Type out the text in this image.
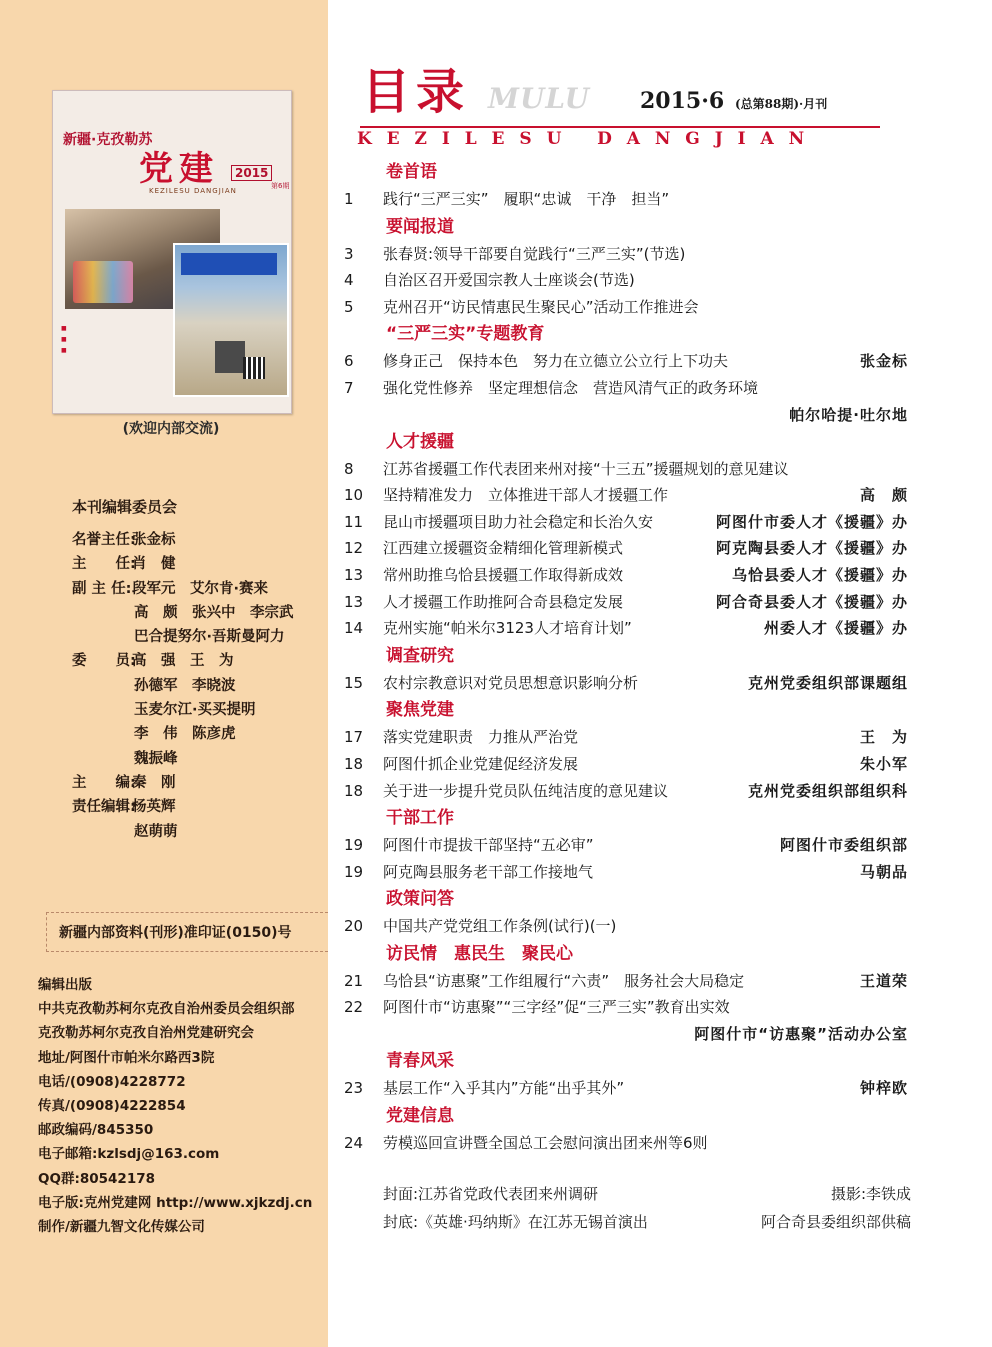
新疆·克孜勒苏
党建
KEZILESU DANGJIAN
2015
第6期
■
■
■
(欢迎内部交流)
本刊编辑委员会
名誉主任:张金标
主　　任:肖　健
副 主 任:段军元　艾尔肯·赛来
高　颇　张兴中　李宗武
巴合提努尔·吾斯曼阿力
委　　员:高　强　王　为
孙德军　李晓波
玉麦尔江·买买提明
李　伟　陈彦虎
魏振峰
主　　编:秦　刚
责任编辑:杨英辉
赵萌萌
新疆内部资料(刊形)准印证(0150)号
编辑出版
中共克孜勒苏柯尔克孜自治州委员会组织部
克孜勒苏柯尔克孜自治州党建研究会
地址/阿图什市帕米尔路西3院
电话/(0908)4228772
传真/(0908)4222854
邮政编码/845350
电子邮箱:kzlsdj@163.com
QQ群:80542178
电子版:克州党建网 http://www.xjkzdj.cn
制作/新疆九智文化传媒公司
目录 MULU 2015·6 (总第88期)·月刊
KEZILESU DANGJIAN
卷首语
1	践行“三严三实”　履职“忠诚　干净　担当”
要闻报道
3	张春贤:领导干部要自觉践行“三严三实”(节选)
4	自治区召开爱国宗教人士座谈会(节选)
5	克州召开“访民情惠民生聚民心”活动工作推进会
“三严三实”专题教育
6	修身正己　保持本色　努力在立德立公立行上下功夫	张金标
7	强化党性修养　坚定理想信念　营造风清气正的政务环境
帕尔哈提·吐尔地
人才援疆
8	江苏省援疆工作代表团来州对接“十三五”援疆规划的意见建议
10	坚持精准发力　立体推进干部人才援疆工作	高　颇
11	昆山市援疆项目助力社会稳定和长治久安	阿图什市委人才《援疆》办
12	江西建立援疆资金精细化管理新模式	阿克陶县委人才《援疆》办
13	常州助推乌恰县援疆工作取得新成效	乌恰县委人才《援疆》办
13	人才援疆工作助推阿合奇县稳定发展	阿合奇县委人才《援疆》办
14	克州实施“帕米尔3123人才培育计划”	州委人才《援疆》办
调查研究
15	农村宗教意识对党员思想意识影响分析	克州党委组织部课题组
聚焦党建
17	落实党建职责　力推从严治党	王　为
18	阿图什抓企业党建促经济发展	朱小军
18	关于进一步提升党员队伍纯洁度的意见建议	克州党委组织部组织科
干部工作
19	阿图什市提拔干部坚持“五必审”	阿图什市委组织部
19	阿克陶县服务老干部工作接地气	马朝品
政策问答
20	中国共产党党组工作条例(试行)(一)
访民情　惠民生　聚民心
21	乌恰县“访惠聚”工作组履行“六责”　服务社会大局稳定	王道荣
22	阿图什市“访惠聚”“三字经”促“三严三实”教育出实效
阿图什市“访惠聚”活动办公室
青春风采
23	基层工作“入乎其内”方能“出乎其外”	钟梓欧
党建信息
24	劳模巡回宣讲暨全国总工会慰问演出团来州等6则
封面:江苏省党政代表团来州调研	摄影:李铁成
封底:《英雄·玛纳斯》在江苏无锡首演出	阿合奇县委组织部供稿
